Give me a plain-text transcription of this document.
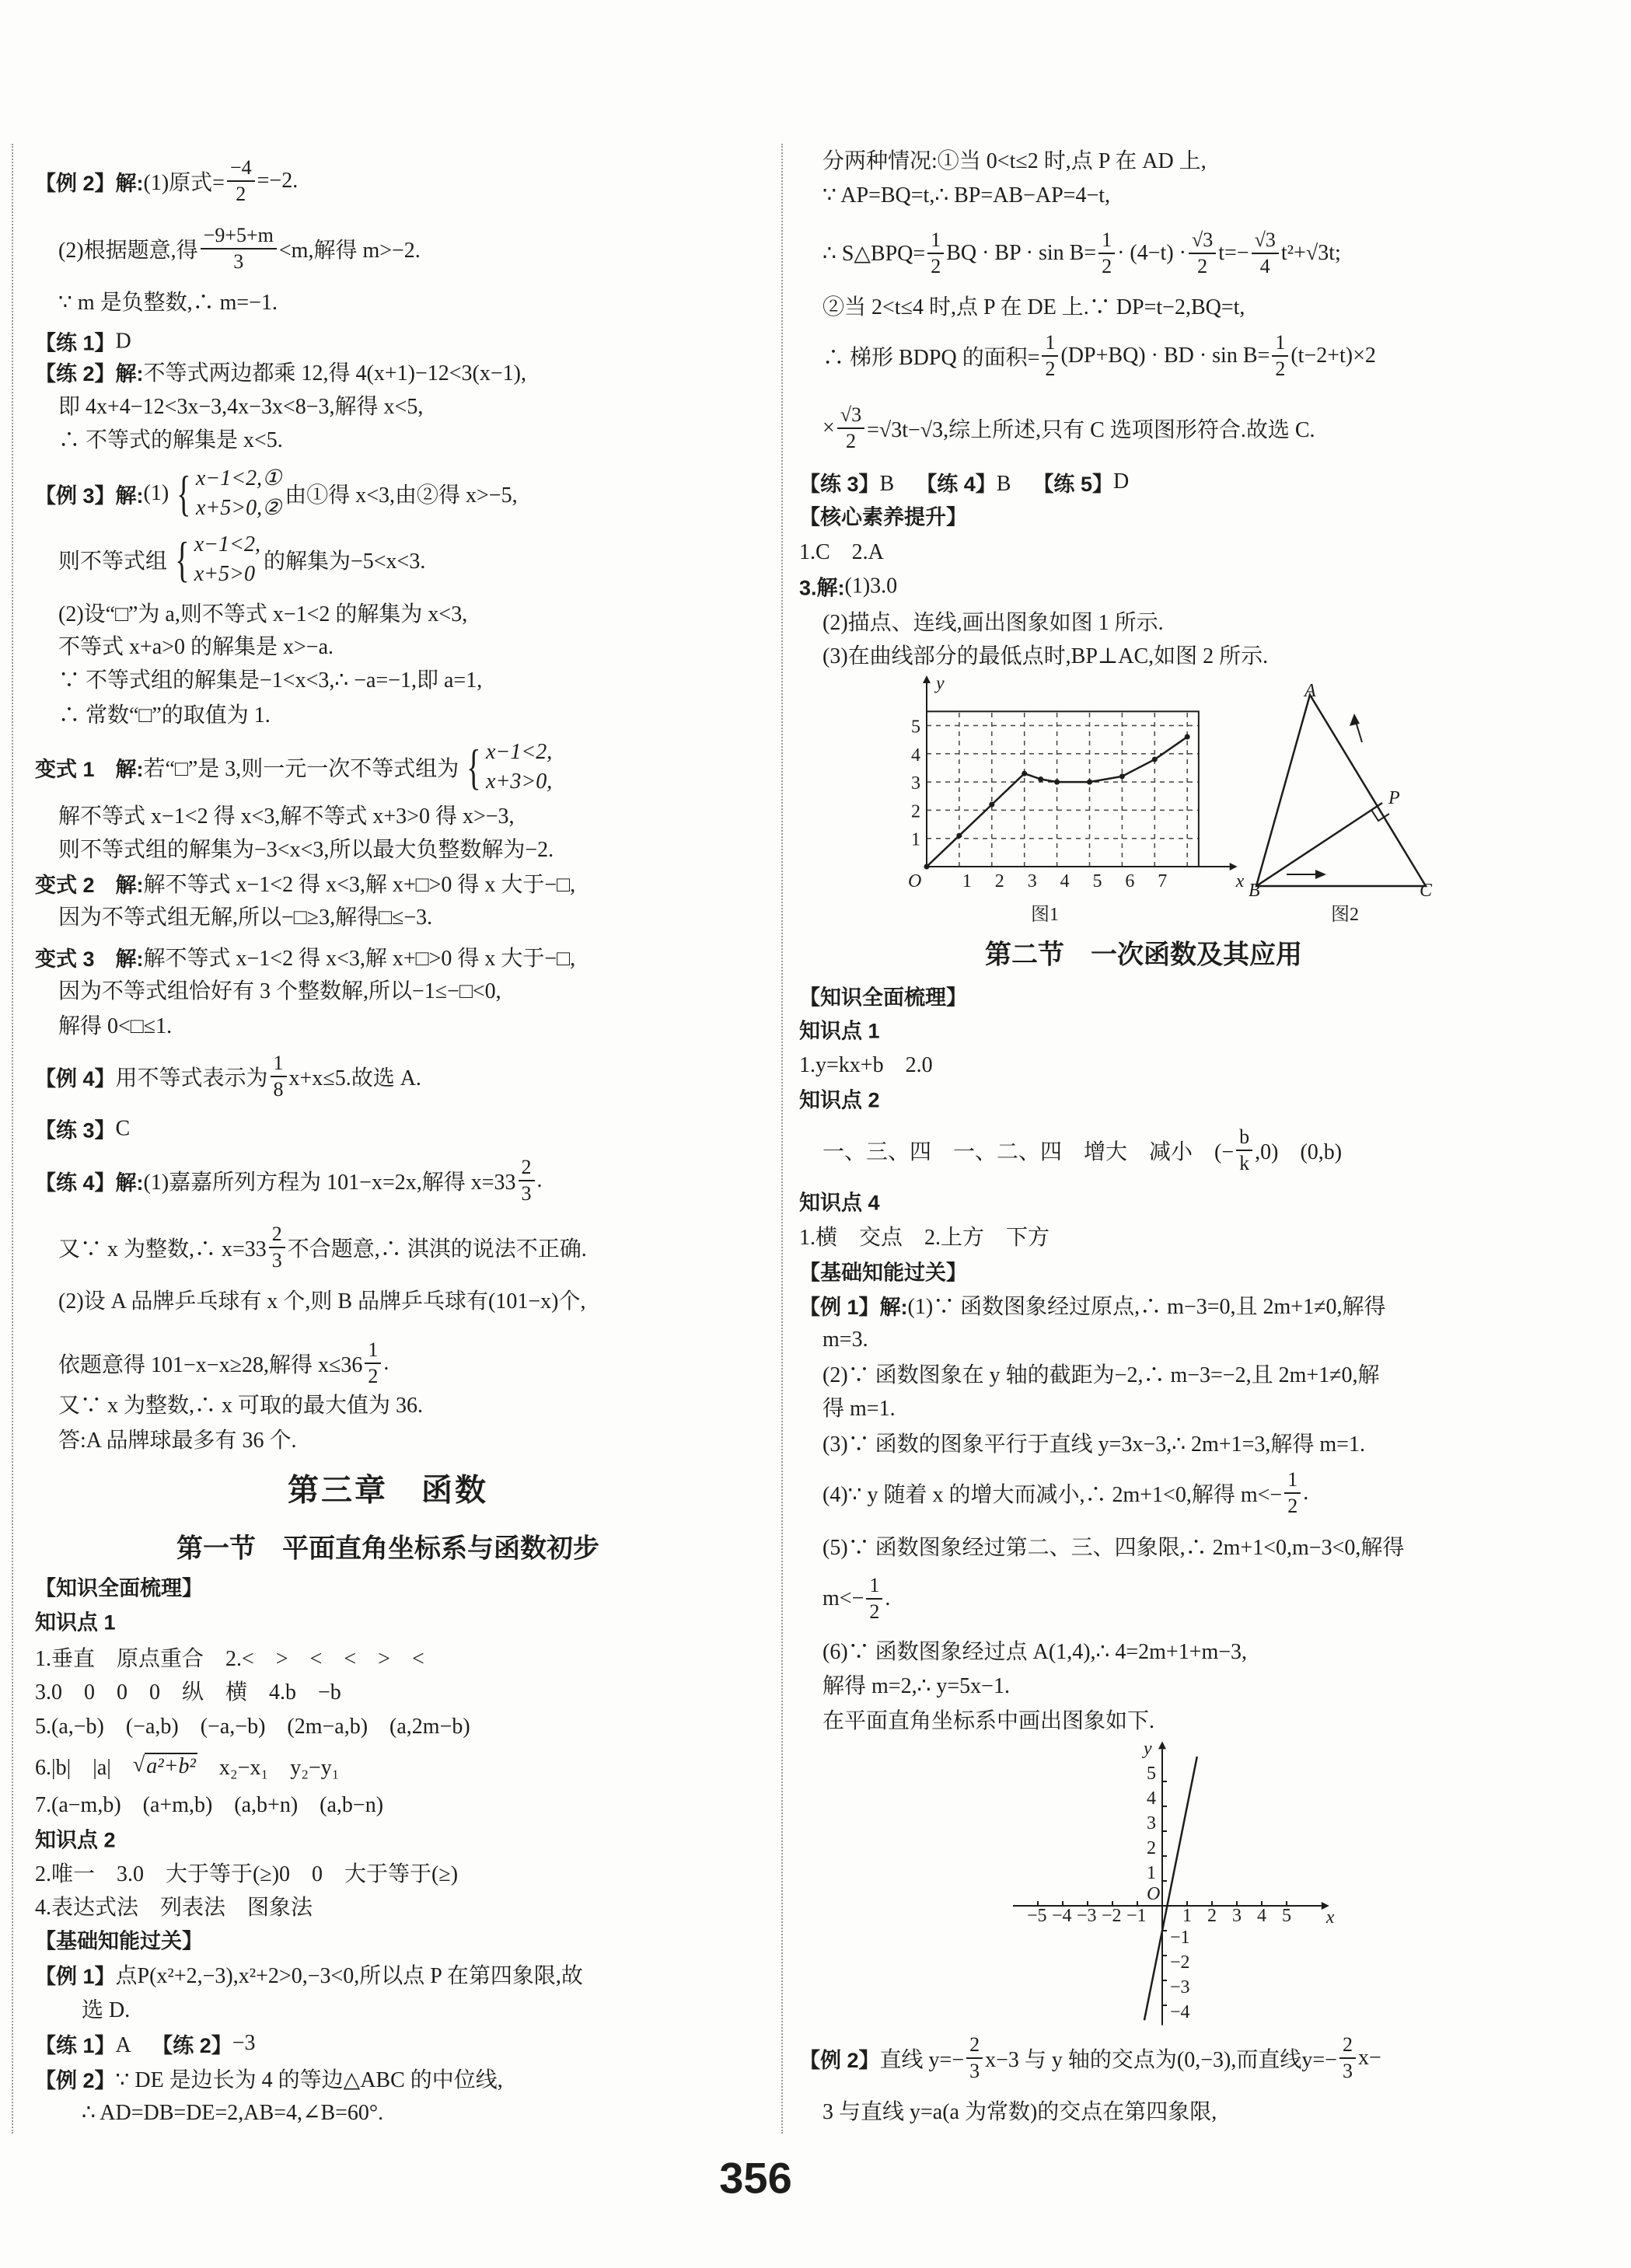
【例 2】解: (1)原式= $\frac{-4}{2} =-2$.
(2)根据题意,得 $\frac{-9+5+m}{3} <m$,解得 m>−2.
∵ m 是负整数,∴ m=−1.
【练 1】 D
【练 2】解: 不等式两边都乘 12,得 4(x+1)−12<3(x−1),
即 4x+4−12<3x−3,4x−3x<8−3,解得 x<5,
∴ 不等式的解集是 x<5.
【例 3】解: (1) { x−1<2,①
x+5>0,②
由①得 x<3,由②得 x>−5,
则不等式组 { x−1<2,
x+5>0
的解集为−5<x<3.
(2)设“□”为 a,则不等式 x−1<2 的解集为 x<3,
不等式 x+a>0 的解集是 x>−a.
∵ 不等式组的解集是−1<x<3,∴ −a=−1,即 a=1,
∴ 常数“□”的取值为 1.
变式 1　解: 若“□”是 3,则一元一次不等式组为 { x−1<2,
x+3>0,
解不等式 x−1<2 得 x<3,解不等式 x+3>0 得 x>−3,
则不等式组的解集为−3<x<3,所以最大负整数解为−2.
变式 2　解: 解不等式 x−1<2 得 x<3,解 x+□>0 得 x 大于−□,
因为不等式组无解,所以−□≥3,解得□≤−3.
变式 3　解: 解不等式 x−1<2 得 x<3,解 x+□>0 得 x 大于−□,
因为不等式组恰好有 3 个整数解,所以−1≤−□<0,
解得 0<□≤1.
【例 4】 用不等式表示为 $\frac{1}{8} x+x\le 5$.故选 A.
【练 3】 C
【练 4】解: (1)嘉嘉所列方程为 101−x=2x,解得 $x=33 \frac{2}{3}$ .
又∵ x 为整数,∴ $x=33 \frac{2}{3}$ 不合题意,∴ 淇淇的说法不正确.
(2)设 A 品牌乒乓球有 x 个,则 B 品牌乒乓球有(101−x)个,
依题意得 101−x−x≥28,解得 $x\le 36 \frac{1}{2}$ .
又∵ x 为整数,∴ x 可取的最大值为 36.
答:A 品牌球最多有 36 个.
【知识全面梳理】
知识点 1
1.垂直　原点重合　2.<　>　<　<　>　<
3.0　0　0　0　纵　横　4.b　−b
5.(a,−b)　(−a,b)　(−a,−b)　(2m−a,b)　(a,2m−b)
6.|b|　|a|　 √ a²+b² 　x₂−x₁　y₂−y₁
7.(a−m,b)　(a+m,b)　(a,b+n)　(a,b−n)
知识点 2
2.唯一　3.0　大于等于(≥)0　0　大于等于(≥)
4.表达式法　列表法　图象法
【基础知能过关】
【例 1】 点P(x²+2,−3),x²+2>0,−3<0,所以点 P 在第四象限,故
选 D.
【练 1】 A　 【练 2】 −3
【例 2】 ∵ DE 是边长为 4 的等边△ABC 的中位线,
∴ AD=DB=DE=2,AB=4,∠B=60°.
分两种情况:①当 0<t≤2 时,点 P 在 AD 上,
∵ AP=BQ=t,∴ BP=AB−AP=4−t,
∴ S△BPQ= $\frac{1}{2}$ BQ · BP · $\sin B= \frac{1}{2} \cdot (4-t) \cdot \frac{√3}{2} t=- \frac{√3}{4} t^2+√3t$;
②当 2<t≤4 时,点 P 在 DE 上.∵ DP=t−2,BQ=t,
∴ 梯形 BDPQ 的面积= $\frac{1}{2} (DP+BQ)$ · BD · $\sin B= \frac{1}{2} (t-2+t)\times 2$
× $\frac{√3}{2} =√3t-√3$,综上所述,只有 C 选项图形符合.故选 C.
【练 3】 B　 【练 4】 B　 【练 5】 D
【核心素养提升】
1.C　2.A
3.解: (1)3.0
(2)描点、连线,画出图象如图 1 所示.
(3)在曲线部分的最低点时,BP⊥AC,如图 2 所示.
【知识全面梳理】
知识点 1
1.y=kx+b　2.0
知识点 2
一、三、四　一、二、四　增大　减小　(− $\frac{b}{k} ,0$)　(0,b)
知识点 4
1.横　交点　2.上方　下方
【基础知能过关】
【例 1】解: (1)∵ 函数图象经过原点,∴ m−3=0,且 2m+1≠0,解得
m=3.
(2)∵ 函数图象在 y 轴的截距为−2,∴ m−3=−2,且 2m+1≠0,解
得 m=1.
(3)∵ 函数的图象平行于直线 y=3x−3,∴ 2m+1=3,解得 m=1.
(4)∵ y 随着 x 的增大而减小,∴ 2m+1<0,解得 $m<- \frac{1}{2}$ .
(5)∵ 函数图象经过第二、三、四象限,∴ 2m+1<0,m−3<0,解得
$m<- \frac{1}{2}$ .
(6)∵ 函数图象经过点 A(1,4),∴ 4=2m+1+m−3,
解得 m=2,∴ y=5x−1.
在平面直角坐标系中画出图象如下.
【例 2】 直线 $y=- \frac{2}{3} x-3$ 与 y 轴的交点为(0,−3),而直线$y=- \frac{2}{3} x-$
3 与直线 y=a(a 为常数)的交点在第四象限,
第三章　函数
第一节　平面直角坐标系与函数初步
第二节　一次函数及其应用
1 2 3 4 5 6 7
1
2
3
4
5
O	x
y
图1
A
B	C
P
图2
−5 −4 −3 −2 −1 1 2 3 4 5
5
4
3
2
1
−1
−2
−3
−4
O
x
y
356
